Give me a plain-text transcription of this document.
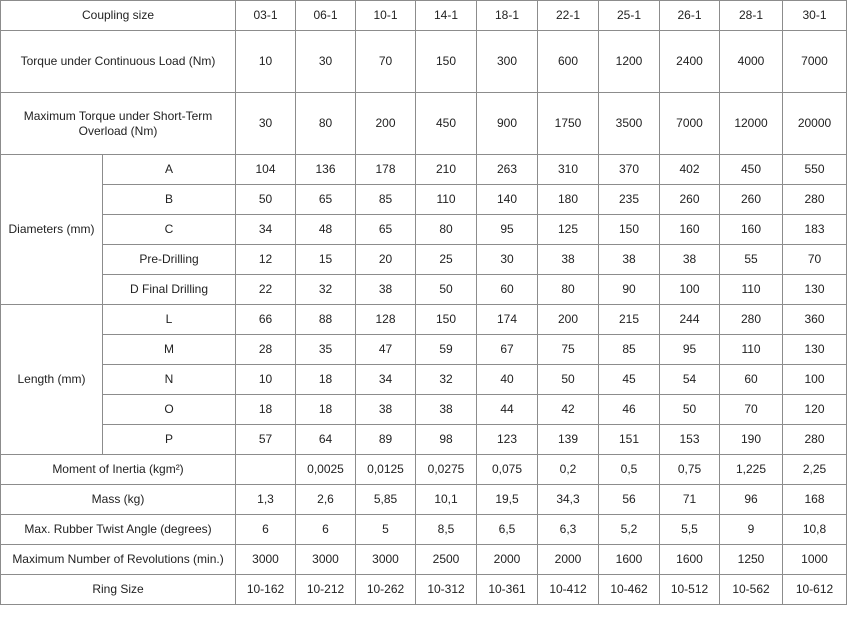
Coupling size		03-1	06-1	10-1	14-1	18-1	22-1	25-1	26-1	28-1	30-1
Torque under Continuous Load (Nm)		10	30	70	150	300	600	1200	2400	4000	7000
Maximum Torque under Short-Term Overload (Nm)		30	80	200	450	900	1750	3500	7000	12000	20000
Diameters (mm)	A	104	136	178	210	263	310	370	402	450	550
	B	50	65	85	110	140	180	235	260	260	280
	C	34	48	65	80	95	125	150	160	160	183
	Pre-Drilling	12	15	20	25	30	38	38	38	55	70
	D Final Drilling	22	32	38	50	60	80	90	100	110	130
Length (mm)	L	66	88	128	150	174	200	215	244	280	360
	M	28	35	47	59	67	75	85	95	110	130
	N	10	18	34	32	40	50	45	54	60	100
	O	18	18	38	38	44	42	46	50	70	120
	P	57	64	89	98	123	139	151	153	190	280
Moment of Inertia (kgm²)			0,0025	0,0125	0,0275	0,075	0,2	0,5	0,75	1,225	2,25
Mass (kg)		1,3	2,6	5,85	10,1	19,5	34,3	56	71	96	168
Max. Rubber Twist Angle (degrees)		6	6	5	8,5	6,5	6,3	5,2	5,5	9	10,8
Maximum Number of Revolutions (min.)		3000	3000	3000	2500	2000	2000	1600	1600	1250	1000
Ring Size		10-162	10-212	10-262	10-312	10-361	10-412	10-462	10-512	10-562	10-612
